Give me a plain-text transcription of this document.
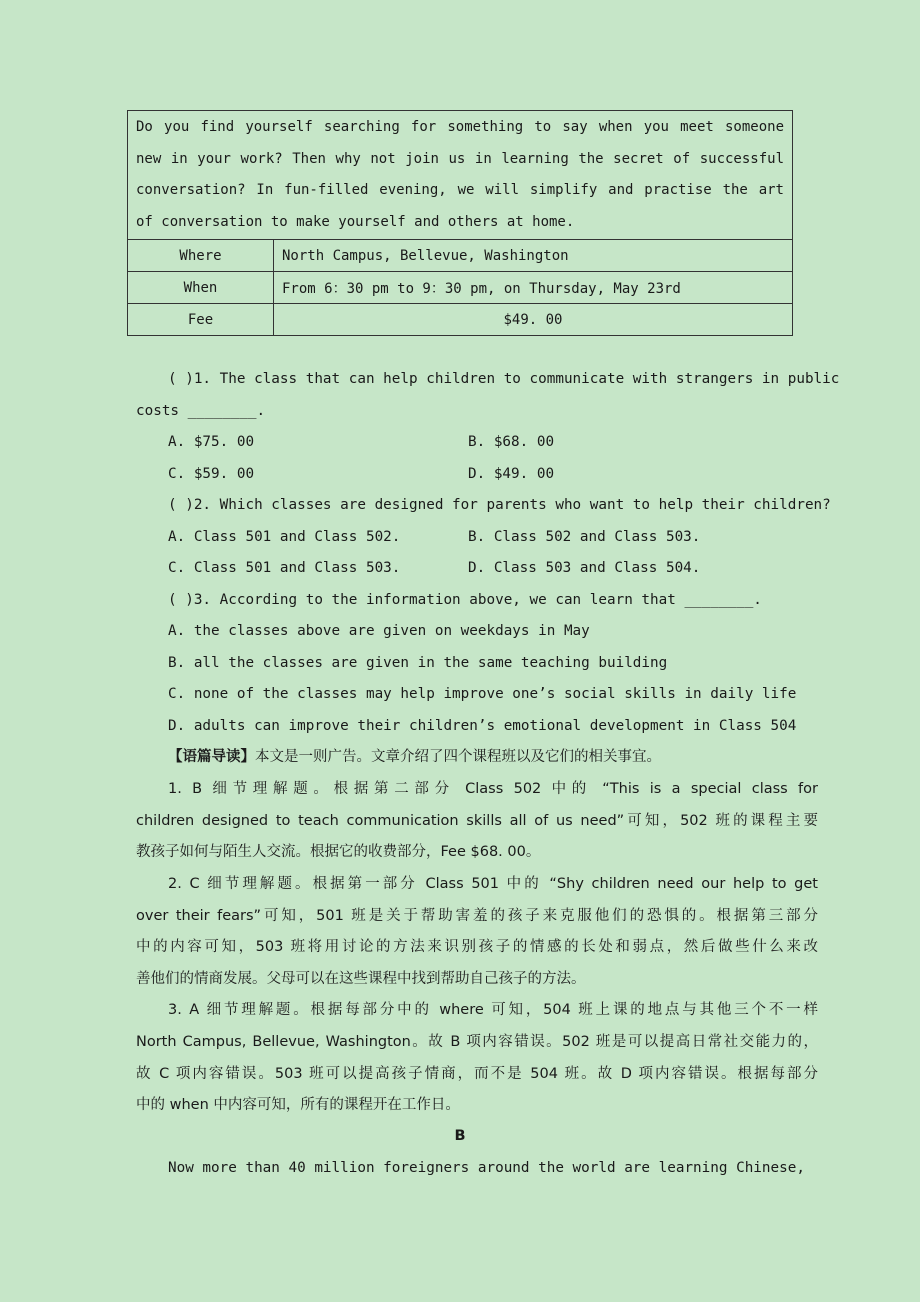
Do you find yourself searching for something to say when you meet someone new in your work? Then why not join us in learning the secret of successful conversation? In fun-filled evening, we will simplify and practise the art of conversation to make yourself and others at home.	
Where	North Campus, Bellevue, Washington
When	From 6：30 pm to 9：30 pm, on Thursday, May 23rd
Fee	$49. 00
( )1. The class that can help children to communicate with strangers in public
costs ________.
A. $75. 00	B. $68. 00
C. $59. 00	D. $49. 00
( )2. Which classes are designed for parents who want to help their children?
A. Class 501 and Class 502.	B. Class 502 and Class 503.
C. Class 501 and Class 503.	D. Class 503 and Class 504.
( )3. According to the information above, we can learn that ________.
A. the classes above are given on weekdays in May
B. all the classes are given in the same teaching building
C. none of the classes may help improve one’s social skills in daily life
D. adults can improve their children’s emotional development in Class 504
【语篇导读】本文是一则广告。文章介绍了四个课程班以及它们的相关事宜。
1. B 细节理解题。根据第二部分 Class 502 中的 “This is a special class for
children designed to teach communication skills all of us need”可知，502 班的课程主要
教孩子如何与陌生人交流。根据它的收费部分，Fee $68. 00。
2. C 细节理解题。根据第一部分 Class 501 中的 “Shy children need our help to get
over their fears”可知，501 班是关于帮助害羞的孩子来克服他们的恐惧的。根据第三部分
中的内容可知，503 班将用讨论的方法来识别孩子的情感的长处和弱点，然后做些什么来改
善他们的情商发展。父母可以在这些课程中找到帮助自己孩子的方法。
3. A 细节理解题。根据每部分中的 where 可知，504 班上课的地点与其他三个不一样
North Campus, Bellevue, Washington。故 B 项内容错误。502 班是可以提高日常社交能力的，
故 C 项内容错误。503 班可以提高孩子情商，而不是 504 班。故 D 项内容错误。根据每部分
中的 when 中内容可知，所有的课程开在工作日。
B
Now more than 40 million foreigners around the world are learning Chinese,
